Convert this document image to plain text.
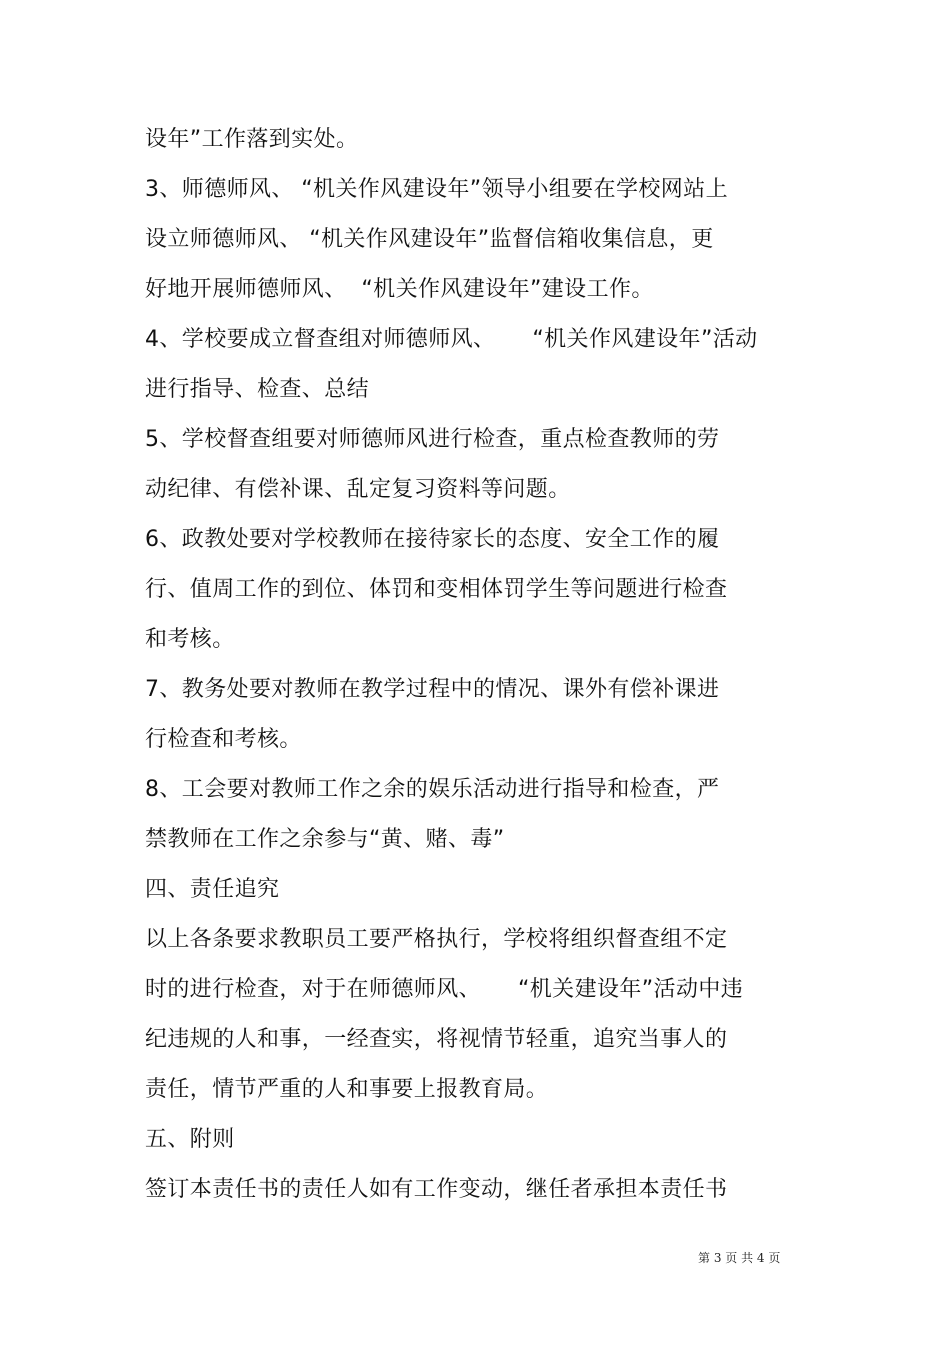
设年”工作落到实处。
3、师德师风、 “机关作风建设年”领导小组要在学校网站上
设立师德师风、 “机关作风建设年”监督信箱收集信息，更
好地开展师德师风、  “机关作风建设年”建设工作。
4、学校要成立督查组对师德师风、     “机关作风建设年”活动
进行指导、检查、总结
5、学校督查组要对师德师风进行检查，重点检查教师的劳
动纪律、有偿补课、乱定复习资料等问题。
6、政教处要对学校教师在接待家长的态度、安全工作的履
行、值周工作的到位、体罚和变相体罚学生等问题进行检查
和考核。
7、教务处要对教师在教学过程中的情况、课外有偿补课进
行检查和考核。
8、工会要对教师工作之余的娱乐活动进行指导和检查，严
禁教师在工作之余参与“黄、赌、毒”
四、责任追究
以上各条要求教职员工要严格执行，学校将组织督查组不定
时的进行检查，对于在师德师风、     “机关建设年”活动中违
纪违规的人和事，一经查实，将视情节轻重，追究当事人的
责任，情节严重的人和事要上报教育局。
五、附则
签订本责任书的责任人如有工作变动，继任者承担本责任书
第 3 页 共 4 页
